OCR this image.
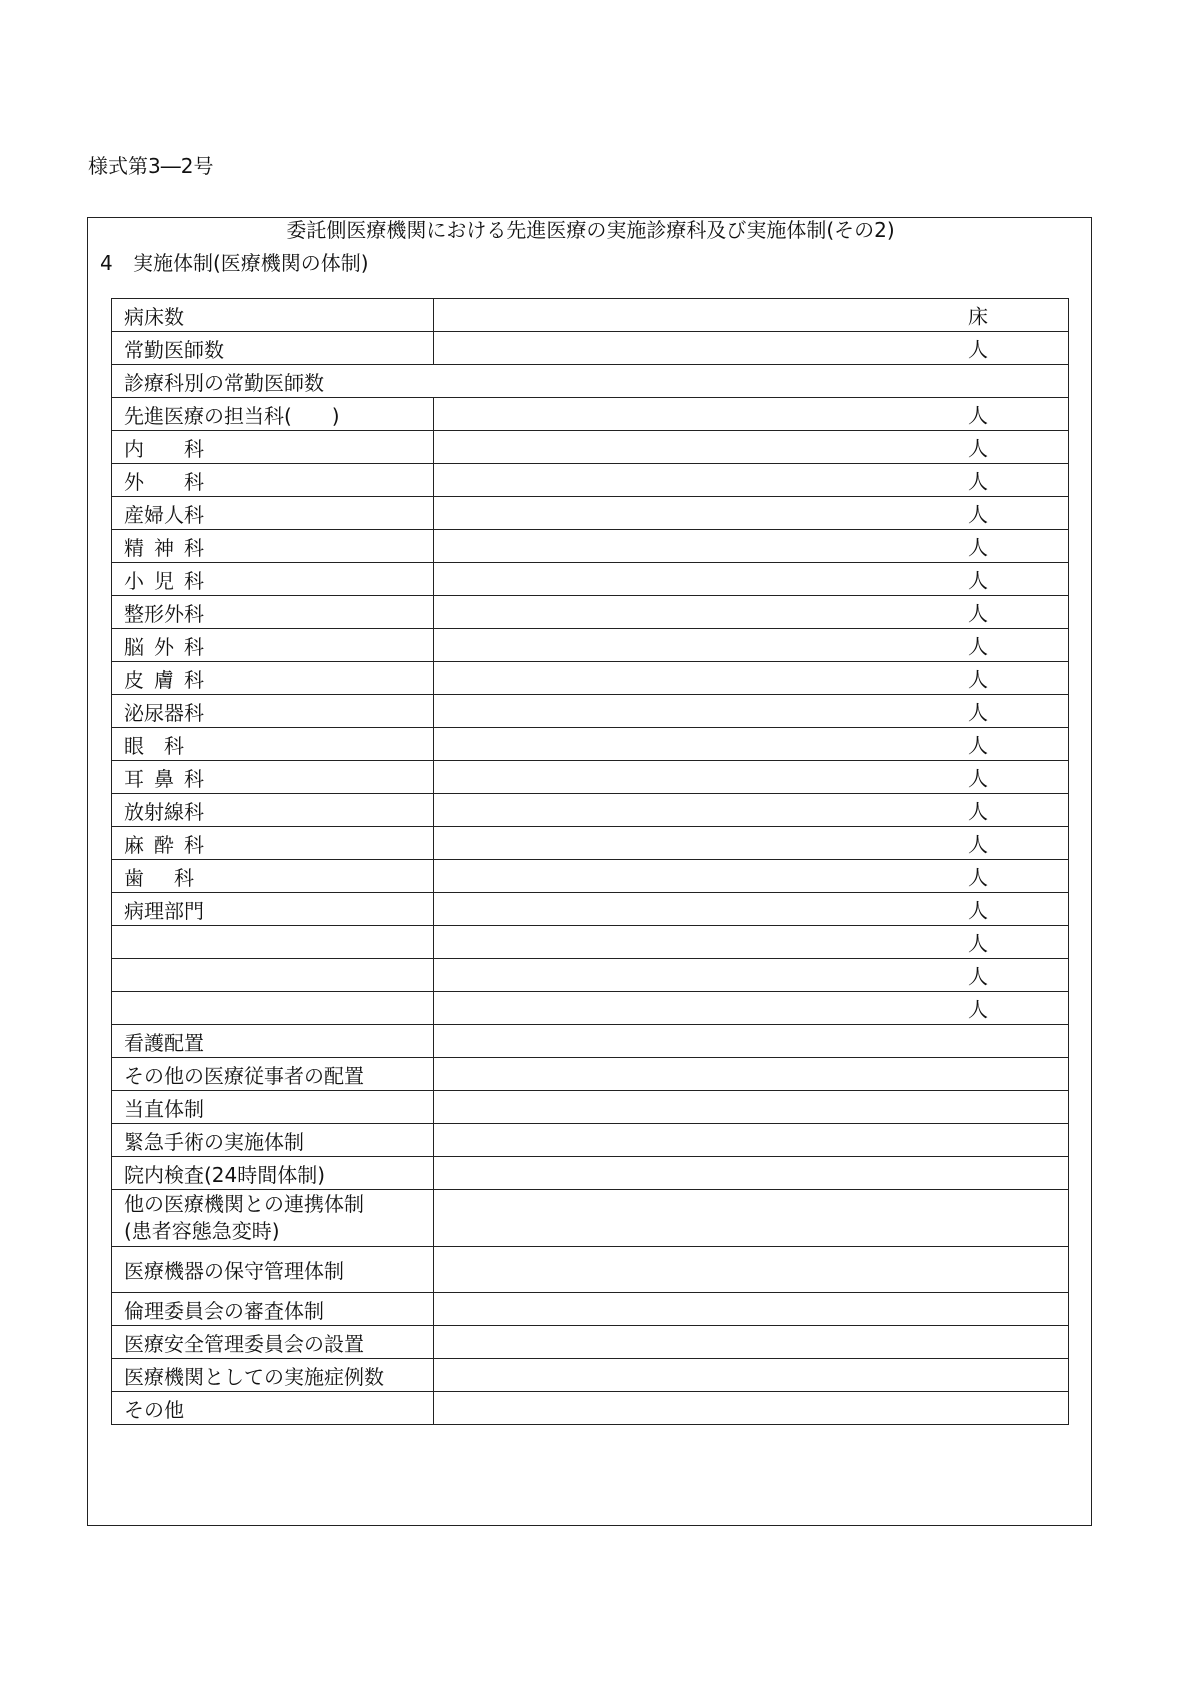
様式第3―2号
委託側医療機関における先進医療の実施診療科及び実施体制(その2)
4 実施体制(医療機関の体制)
病床数	床

常勤医師数	人

診療科別の常勤医師数	
先進医療の担当科(　　)	人

内　　科	人

外　　科	人

産婦人科	人

精 神 科	人

小 児 科	人

整形外科	人

脳 外 科	人

皮 膚 科	人

泌尿器科	人

眼　科	人

耳 鼻 科	人

放射線科	人

麻 酔 科	人

歯　 科	人

病理部門	人

	人

	人

	人

看護配置	
その他の医療従事者の配置	
当直体制	
緊急手術の実施体制	
院内検査(24時間体制)	

他の医療機関との連携体制
(患者容態急変時)	

医療機器の保守管理体制	
倫理委員会の審査体制	
医療安全管理委員会の設置	
医療機関としての実施症例数	
その他	
